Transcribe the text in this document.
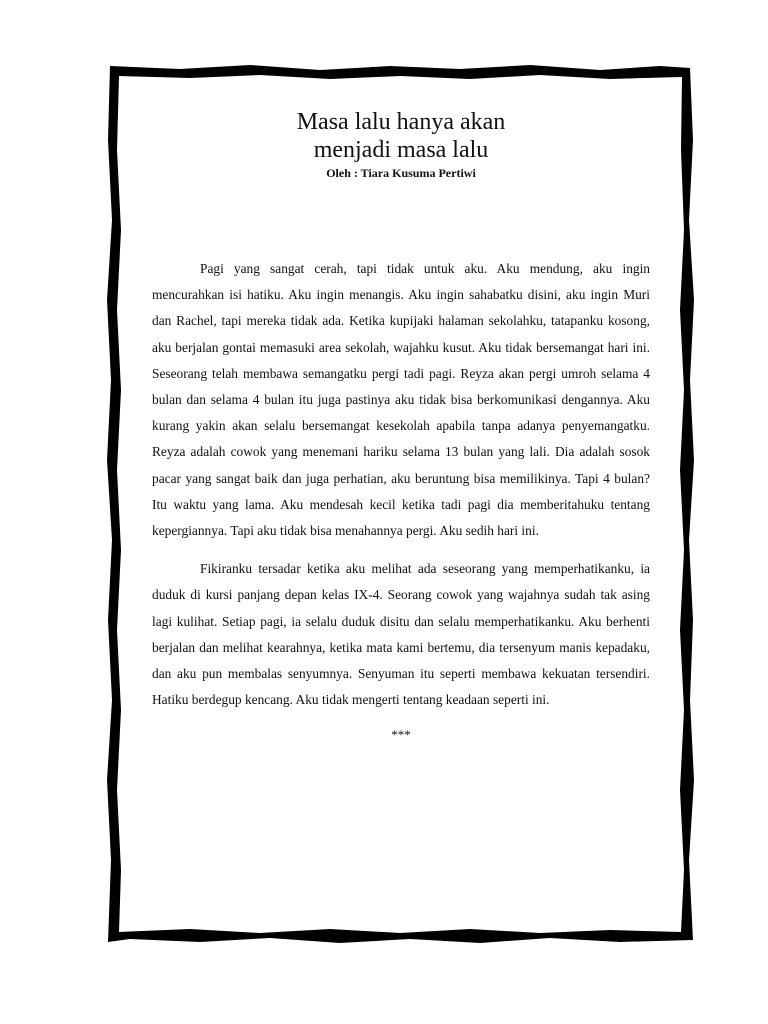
Masa lalu hanya akan
menjadi masa lalu

Oleh : Tiara Kusuma Pertiwi

Pagi yang sangat cerah, tapi tidak untuk aku. Aku mendung, aku ingin mencurahkan isi hatiku. Aku ingin menangis. Aku ingin sahabatku disini, aku ingin Muri dan Rachel, tapi mereka tidak ada. Ketika kupijaki halaman sekolahku, tatapanku kosong, aku berjalan gontai memasuki area sekolah, wajahku kusut. Aku tidak bersemangat hari ini. Seseorang telah membawa semangatku pergi tadi pagi. Reyza akan pergi umroh selama 4 bulan dan selama 4 bulan itu juga pastinya aku tidak bisa berkomunikasi dengannya. Aku kurang yakin akan selalu bersemangat kesekolah apabila tanpa adanya penyemangatku. Reyza adalah cowok yang menemani hariku selama 13 bulan yang lali. Dia adalah sosok pacar yang sangat baik dan juga perhatian, aku beruntung bisa memilikinya. Tapi 4 bulan? Itu waktu yang lama. Aku mendesah kecil ketika tadi pagi dia memberitahuku tentang kepergiannya. Tapi aku tidak bisa menahannya pergi. Aku sedih hari ini.

Fikiranku tersadar ketika aku melihat ada seseorang yang memperhatikanku, ia duduk di kursi panjang depan kelas IX-4. Seorang cowok yang wajahnya sudah tak asing lagi kulihat. Setiap pagi, ia selalu duduk disitu dan selalu memperhatikanku. Aku berhenti berjalan dan melihat kearahnya, ketika mata kami bertemu, dia tersenyum manis kepadaku, dan aku pun membalas senyumnya. Senyuman itu seperti membawa kekuatan tersendiri. Hatiku berdegup kencang. Aku tidak mengerti tentang keadaan seperti ini.

***
